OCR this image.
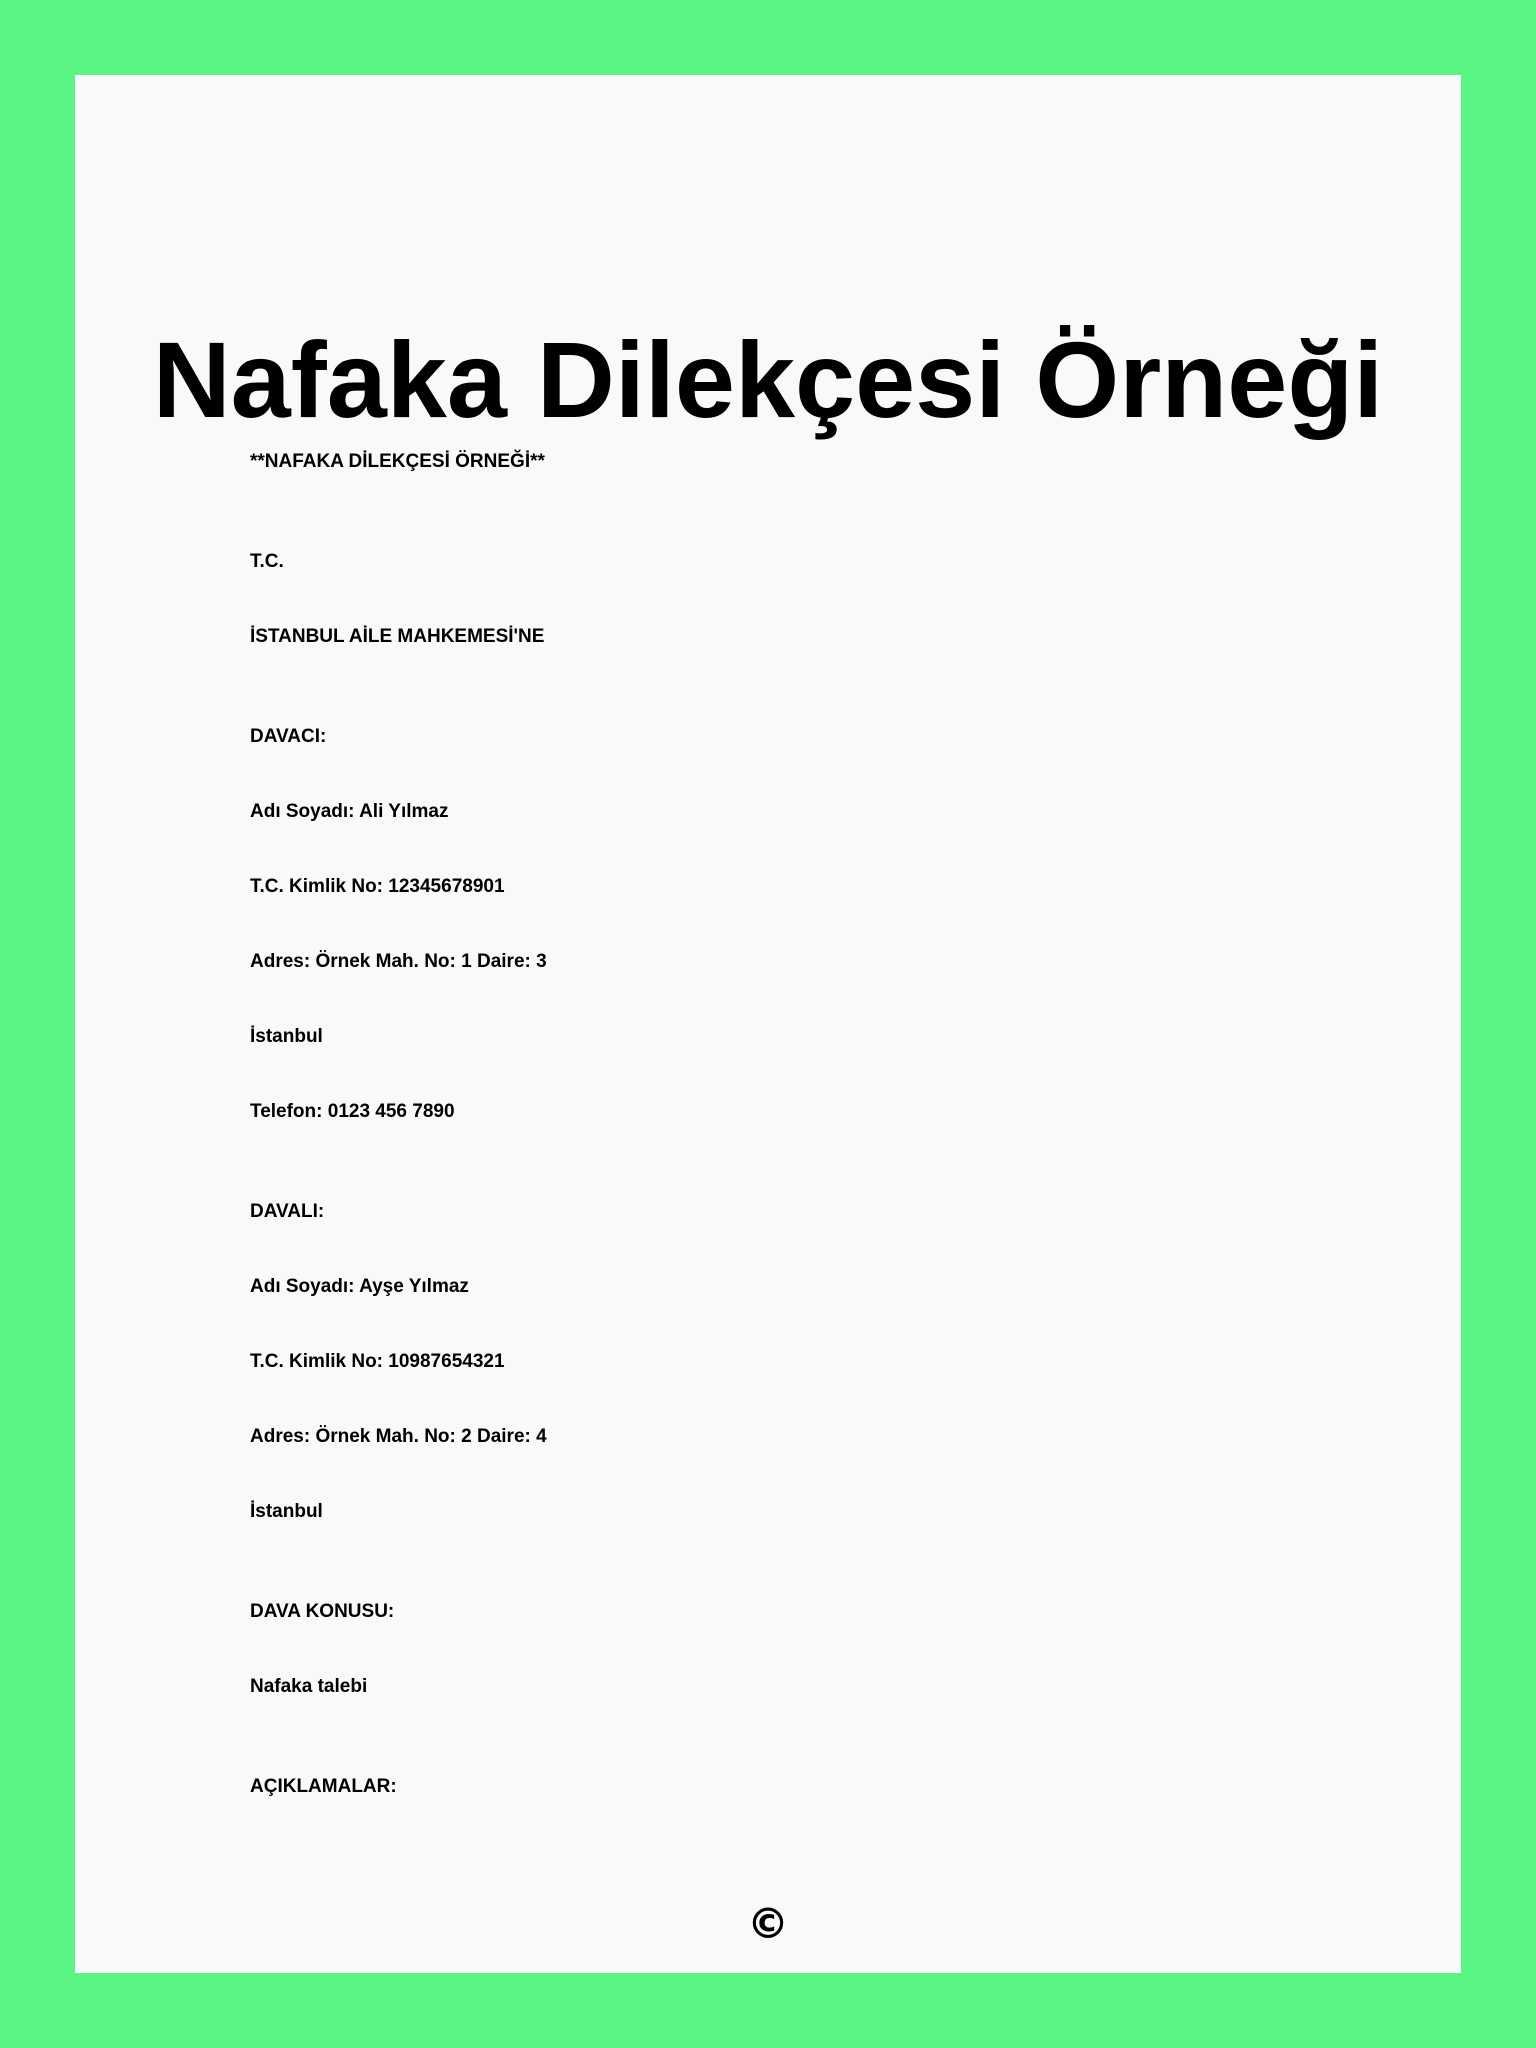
Nafaka Dilekçesi Örneği
**NAFAKA DİLEKÇESİ ÖRNEĞİ**
T.C.
İSTANBUL AİLE MAHKEMESİ'NE
DAVACI:
Adı Soyadı: Ali Yılmaz
T.C. Kimlik No: 12345678901
Adres: Örnek Mah. No: 1 Daire: 3
İstanbul
Telefon: 0123 456 7890
DAVALI:
Adı Soyadı: Ayşe Yılmaz
T.C. Kimlik No: 10987654321
Adres: Örnek Mah. No: 2 Daire: 4
İstanbul
DAVA KONUSU:
Nafaka talebi
AÇIKLAMALAR:
©
